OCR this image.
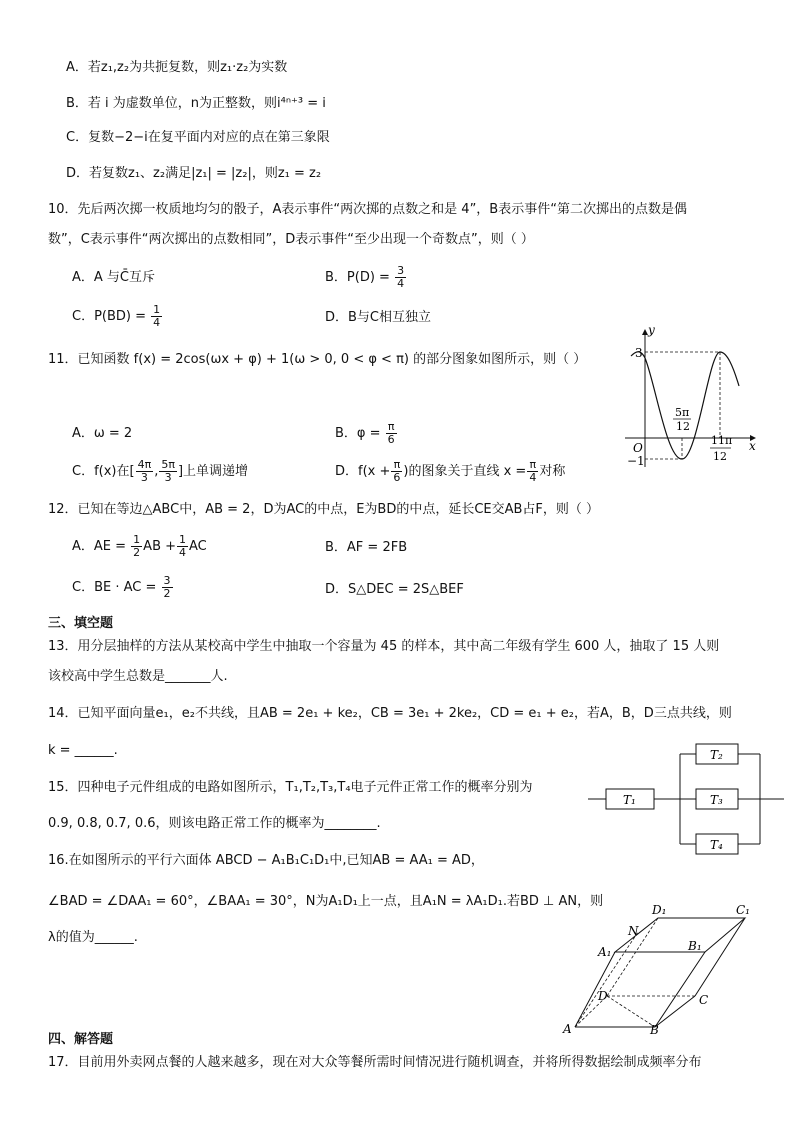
A．若z₁,z₂为共扼复数，则z₁·z₂为实数
B．若 i 为虚数单位，n为正整数，则i⁴ⁿ⁺³ = i
C．复数−2−i在复平面内对应的点在第三象限
D．若复数z₁、z₂满足|z₁| = |z₂|，则z₁ = z₂
10．先后两次掷一枚质地均匀的骰子，A表示事件“两次掷的点数之和是 4”，B表示事件“第二次掷出的点数是偶
数”，C表示事件“两次掷出的点数相同”，D表示事件“至少出现一个奇数点”，则（ ）
A．A 与C̄互斥	B．$P(D) = \frac{3}{4}$
C．$P(BD) = \frac{1}{4}$	D．B与C相互独立
11．已知函数 f(x) = 2cos(ωx + φ) + 1(ω > 0, 0 < φ < π) 的部分图象如图所示，则（ ）
A．ω = 2	B．$\varphi = \frac{\pi}{6}$
C．f(x)在[ $\frac{4\pi}{3}$ , $\frac{5\pi}{3}$ ]上单调递增	D．$f(x + \frac{\pi}{6}$ )的图象关于直线 $x = \frac{\pi}{4}$ 对称
y
x
O
3
−1
5π
12
11π
12
12．已知在等边△ABC中，AB = 2，D为AC的中点，E为BD的中点，延长CE交AB占F，则（ ）
A．AE = $\frac{1}{2}$ AB + $\frac{1}{4}$ AC	B．AF = 2FB
C．BE · AC = $\frac{3}{2}$	D．S△DEC = 2S△BEF
三、填空题
13．用分层抽样的方法从某校高中学生中抽取一个容量为 45 的样本，其中高二年级有学生 600 人，抽取了 15 人则
该校高中学生总数是_______人.
14．已知平面向量e₁，e₂不共线，且AB = 2e₁ + ke₂，CB = 3e₁ + 2ke₂，CD = e₁ + e₂，若A，B，D三点共线，则
k = ______.
15．四种电子元件组成的电路如图所示，T₁,T₂,T₃,T₄电子元件正常工作的概率分别为
0.9, 0.8, 0.7, 0.6，则该电路正常工作的概率为________.
T₁
T₂
T₃
T₄
16.在如图所示的平行六面体 ABCD − A₁B₁C₁D₁中,已知AB = AA₁ = AD，
∠BAD = ∠DAA₁ = 60°，∠BAA₁ = 30°，N为A₁D₁上一点，且A₁N = λA₁D₁.若BD ⊥ AN，则
λ的值为______.
A	B
C
D
A₁	B₁
C₁
D₁
N
四、解答题
17．目前用外卖网点餐的人越来越多，现在对大众等餐所需时间情况进行随机调查，并将所得数据绘制成频率分布
